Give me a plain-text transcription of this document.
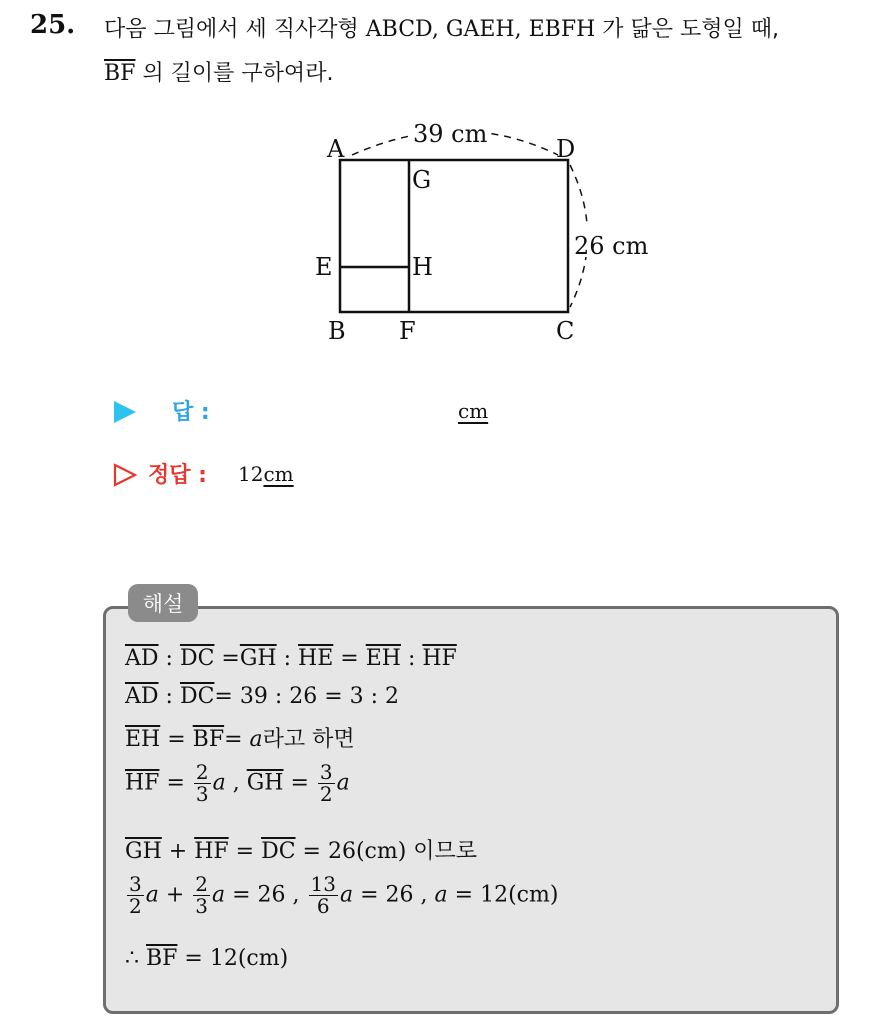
25. 다음 그림에서 세 직사각형 ABCD, GAEH, EBFH 가 닮은 도형일 때,
$\overline{BF}$ 의 길이를 구하여라.
A	D
G
E	H
B F	C
39 cm
26 cm
답 :	cm
정답 : 12cm
해설
$\overline{AD}$ : $\overline{DC} =\overline{GH}$ : $\overline{HE} = \overline{EH}$ : $\overline{HF}$
$\overline{AD}$ : $\overline{DC}= 39$ : 26 = 3 : 2
$\overline{EH} = \overline{BF}= a$라고 하면
$\overline{HF} = \frac{2}{3}$ a , $\overline{GH} = \frac{3}{2}$ a
$\overline{GH} + \overline{HF} = \overline{DC} = 26(cm)$ 이므로
$\frac{3}{2}$ $a + \frac{2}{3}$ a = 26 , $\frac{13}{6}$ a = 26 , a = 12(cm)
∴ $\overline{BF} = 12(cm)$
